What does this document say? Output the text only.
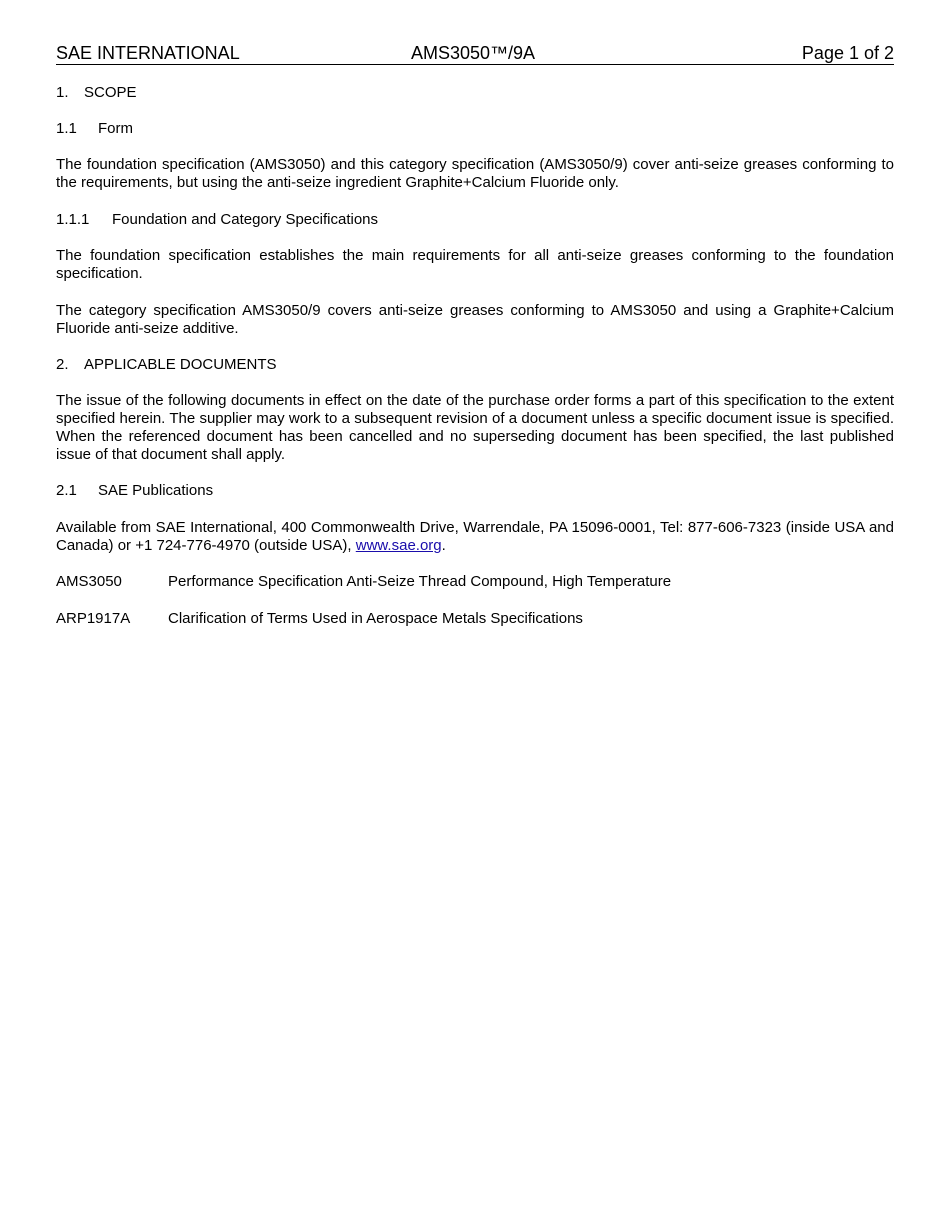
SAE INTERNATIONAL	AMS3050™/9A	Page 1 of 2
1. SCOPE
1.1 Form
The foundation specification (AMS3050) and this category specification (AMS3050/9) cover anti-seize greases conforming to the requirements, but using the anti-seize ingredient Graphite+Calcium Fluoride only.
1.1.1 Foundation and Category Specifications
The foundation specification establishes the main requirements for all anti-seize greases conforming to the foundation specification.
The category specification AMS3050/9 covers anti-seize greases conforming to AMS3050 and using a Graphite+Calcium Fluoride anti-seize additive.
2. APPLICABLE DOCUMENTS
The issue of the following documents in effect on the date of the purchase order forms a part of this specification to the extent specified herein. The supplier may work to a subsequent revision of a document unless a specific document issue is specified. When the referenced document has been cancelled and no superseding document has been specified, the last published issue of that document shall apply.
2.1 SAE Publications
Available from SAE International, 400 Commonwealth Drive, Warrendale, PA 15096-0001, Tel: 877-606-7323 (inside USA and Canada) or +1 724-776-4970 (outside USA), www.sae.org.
AMS3050	Performance Specification Anti-Seize Thread Compound, High Temperature
ARP1917A	Clarification of Terms Used in Aerospace Metals Specifications
